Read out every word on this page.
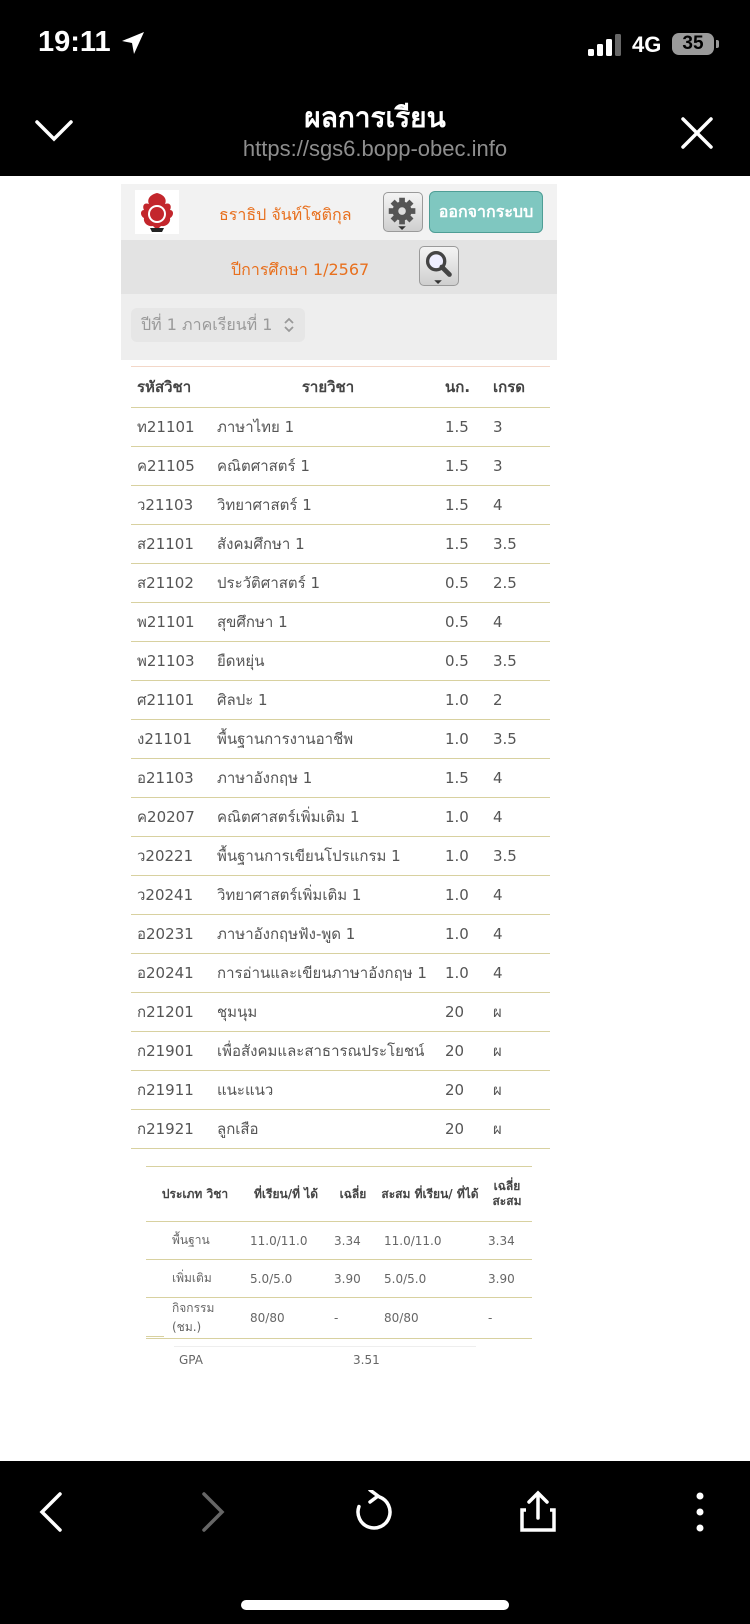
19:11	4G	35
ผลการเรียน
https://sgs6.bopp-obec.info
ธราธิป จันท์โชติกุล	ออกจากระบบ
ปีการศึกษา 1/2567
ปีที่ 1 ภาคเรียนที่ 1
รหัสวิชา	รายวิชา	นก.	เกรด
ท21101	ภาษาไทย 1	1.5	3
ค21105	คณิตศาสตร์ 1	1.5	3
ว21103	วิทยาศาสตร์ 1	1.5	4
ส21101	สังคมศึกษา 1	1.5	3.5
ส21102	ประวัติศาสตร์ 1	0.5	2.5
พ21101	สุขศึกษา 1	0.5	4
พ21103	ยืดหยุ่น	0.5	3.5
ศ21101	ศิลปะ 1	1.0	2
ง21101	พื้นฐานการงานอาชีพ	1.0	3.5
อ21103	ภาษาอังกฤษ 1	1.5	4
ค20207	คณิตศาสตร์เพิ่มเติม 1	1.0	4
ว20221	พื้นฐานการเขียนโปรแกรม 1	1.0	3.5
ว20241	วิทยาศาสตร์เพิ่มเติม 1	1.0	4
อ20231	ภาษาอังกฤษฟัง-พูด 1	1.0	4
อ20241	การอ่านและเขียนภาษาอังกฤษ 1	1.0	4
ก21201	ชุมนุม	20	ผ
ก21901	เพื่อสังคมและสาธารณประโยชน์	20	ผ
ก21911	แนะแนว	20	ผ
ก21921	ลูกเสือ	20	ผ
ประเภท วิชา	ที่เรียน/ที่ ได้	เฉลี่ย	สะสม ที่เรียน/ ที่ได้	เฉลี่ย สะสม
พื้นฐาน	11.0/11.0	3.34	11.0/11.0	3.34
เพิ่มเติม	5.0/5.0	3.90	5.0/5.0	3.90
กิจกรรม (ชม.)	80/80	-	80/80	-
GPA	3.51
